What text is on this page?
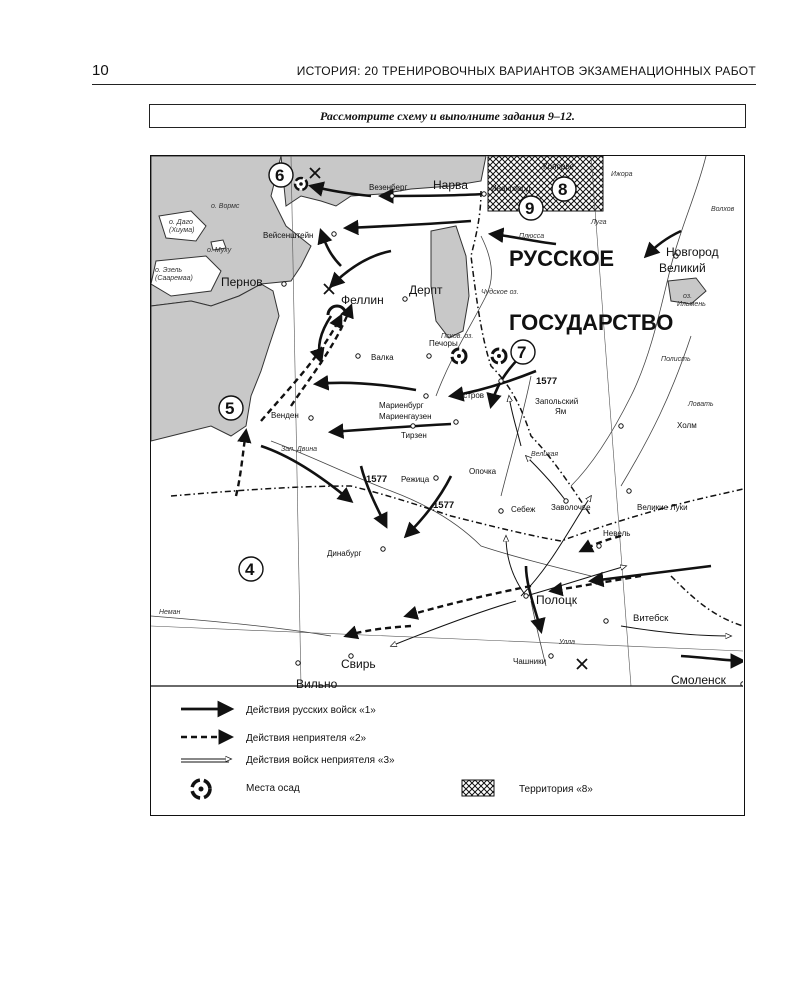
10	ИСТОРИЯ: 20 ТРЕНИРОВОЧНЫХ ВАРИАНТОВ ЭКЗАМЕНАЦИОННЫХ РАБОТ
Рассмотрите схему и выполните задания 9–12.
РУССКОЕ
ГОСУДАРСТВО
6
5
4
7
8
9
1577
1577
1577
Нарва
Везенберг	Ивангород
Копорье
Вейсенштейн
Пернов
Феллин
Дерпт
Валка
Печоры
Венден
Мариенбург
Мариенгаузен
Остров
Тирзен
Запольский
Ям
Режица
Опочка
Себеж Заволочье
Невель
Великие Луки
Холм
Динабург
Полоцк
Витебск
Чашники
Свирь
Вильно	Смоленск
Новгород
Великий
о. Даго
(Хиума)
о. Вормс
о. Муху
о. Эзель
(Сааремаа)
Чудское оз.
оз.
Ильмень
Псков. оз.
Луга
Плюсса
Волхов
Ижора
Ловать
Полисть
Зап. Двина
Великая
Улла
Неман
Действия русских войск «1»
Действия неприятеля «2»
Действия войск неприятеля «3»
Места осад	Территория «8»
